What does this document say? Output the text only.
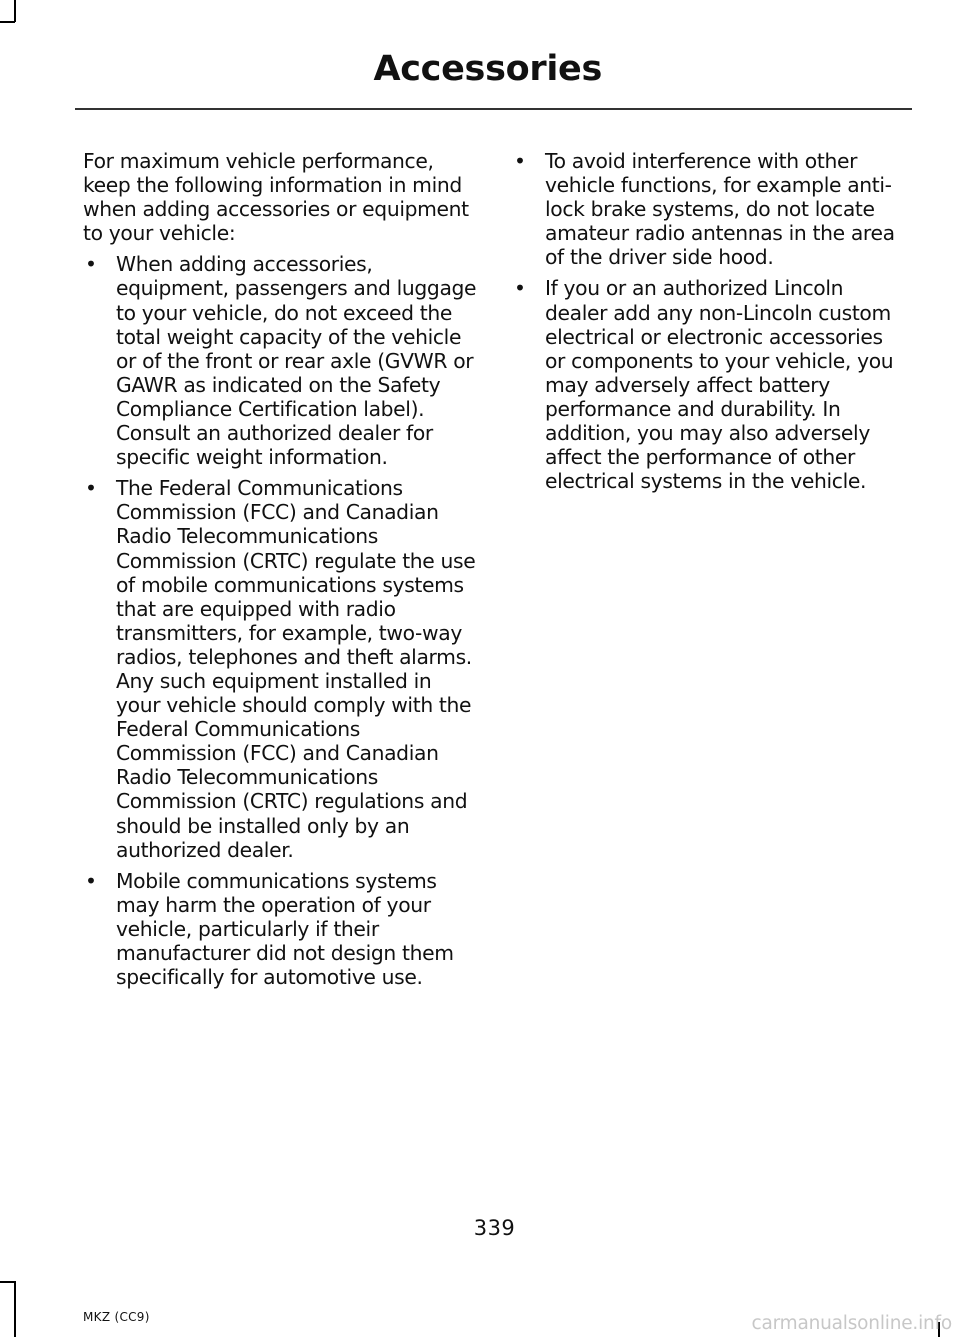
Accessories

For maximum vehicle performance, keep the following information in mind when adding accessories or equipment to your vehicle:

• When adding accessories, equipment, passengers and luggage to your vehicle, do not exceed the total weight capacity of the vehicle or of the front or rear axle (GVWR or GAWR as indicated on the Safety Compliance Certification label). Consult an authorized dealer for specific weight information.
• The Federal Communications Commission (FCC) and Canadian Radio Telecommunications Commission (CRTC) regulate the use of mobile communications systems that are equipped with radio transmitters, for example, two-way radios, telephones and theft alarms. Any such equipment installed in your vehicle should comply with the Federal Communications Commission (FCC) and Canadian Radio Telecommunications Commission (CRTC) regulations and should be installed only by an authorized dealer.
• Mobile communications systems may harm the operation of your vehicle, particularly if their manufacturer did not design them specifically for automotive use.
• To avoid interference with other vehicle functions, for example anti-lock brake systems, do not locate amateur radio antennas in the area of the driver side hood.
• If you or an authorized Lincoln dealer add any non-Lincoln custom electrical or electronic accessories or components to your vehicle, you may adversely affect battery performance and durability. In addition, you may also adversely affect the performance of other electrical systems in the vehicle.
339
MKZ (CC9)	carmanualsonline.info
